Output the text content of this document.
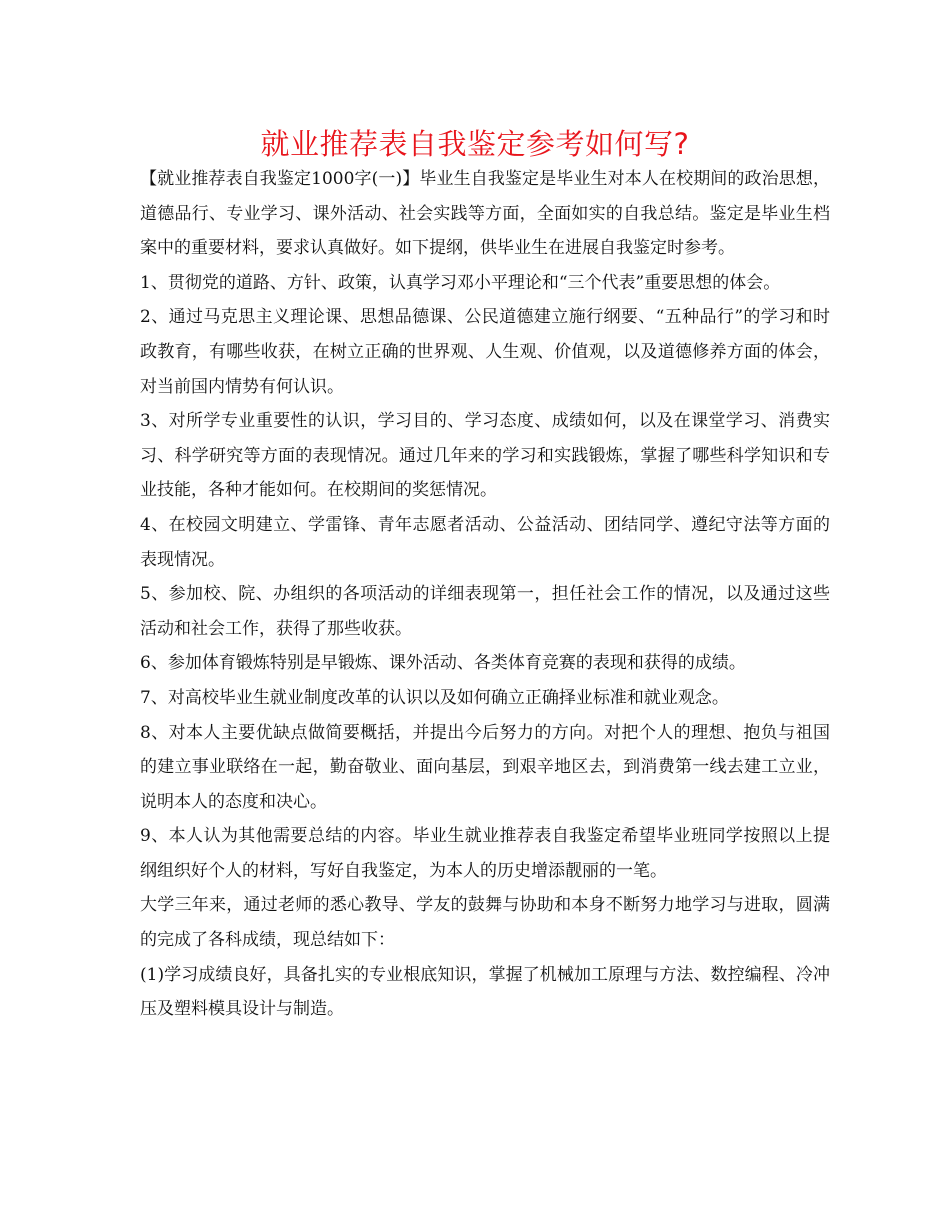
就业推荐表自我鉴定参考如何写?

【就业推荐表自我鉴定1000字(一)】毕业生自我鉴定是毕业生对本人在校期间的政治思想，道德品行、专业学习、课外活动、社会实践等方面，全面如实的自我总结。鉴定是毕业生档案中的重要材料，要求认真做好。如下提纲，供毕业生在进展自我鉴定时参考。

1、贯彻党的道路、方针、政策，认真学习邓小平理论和“三个代表”重要思想的体会。

2、通过马克思主义理论课、思想品德课、公民道德建立施行纲要、“五种品行”的学习和时政教育，有哪些收获，在树立正确的世界观、人生观、价值观，以及道德修养方面的体会，对当前国内情势有何认识。

3、对所学专业重要性的认识，学习目的、学习态度、成绩如何，以及在课堂学习、消费实习、科学研究等方面的表现情况。通过几年来的学习和实践锻炼，掌握了哪些科学知识和专业技能，各种才能如何。在校期间的奖惩情况。

4、在校园文明建立、学雷锋、青年志愿者活动、公益活动、团结同学、遵纪守法等方面的表现情况。

5、参加校、院、办组织的各项活动的详细表现第一，担任社会工作的情况，以及通过这些活动和社会工作，获得了那些收获。

6、参加体育锻炼特别是早锻炼、课外活动、各类体育竞赛的表现和获得的成绩。

7、对高校毕业生就业制度改革的认识以及如何确立正确择业标准和就业观念。

8、对本人主要优缺点做简要概括，并提出今后努力的方向。对把个人的理想、抱负与祖国的建立事业联络在一起，勤奋敬业、面向基层，到艰辛地区去，到消费第一线去建工立业，说明本人的态度和决心。

9、本人认为其他需要总结的内容。毕业生就业推荐表自我鉴定希望毕业班同学按照以上提纲组织好个人的材料，写好自我鉴定，为本人的历史增添靓丽的一笔。

大学三年来，通过老师的悉心教导、学友的鼓舞与协助和本身不断努力地学习与进取，圆满的完成了各科成绩，现总结如下：

(1)学习成绩良好，具备扎实的专业根底知识，掌握了机械加工原理与方法、数控编程、冷冲压及塑料模具设计与制造。
